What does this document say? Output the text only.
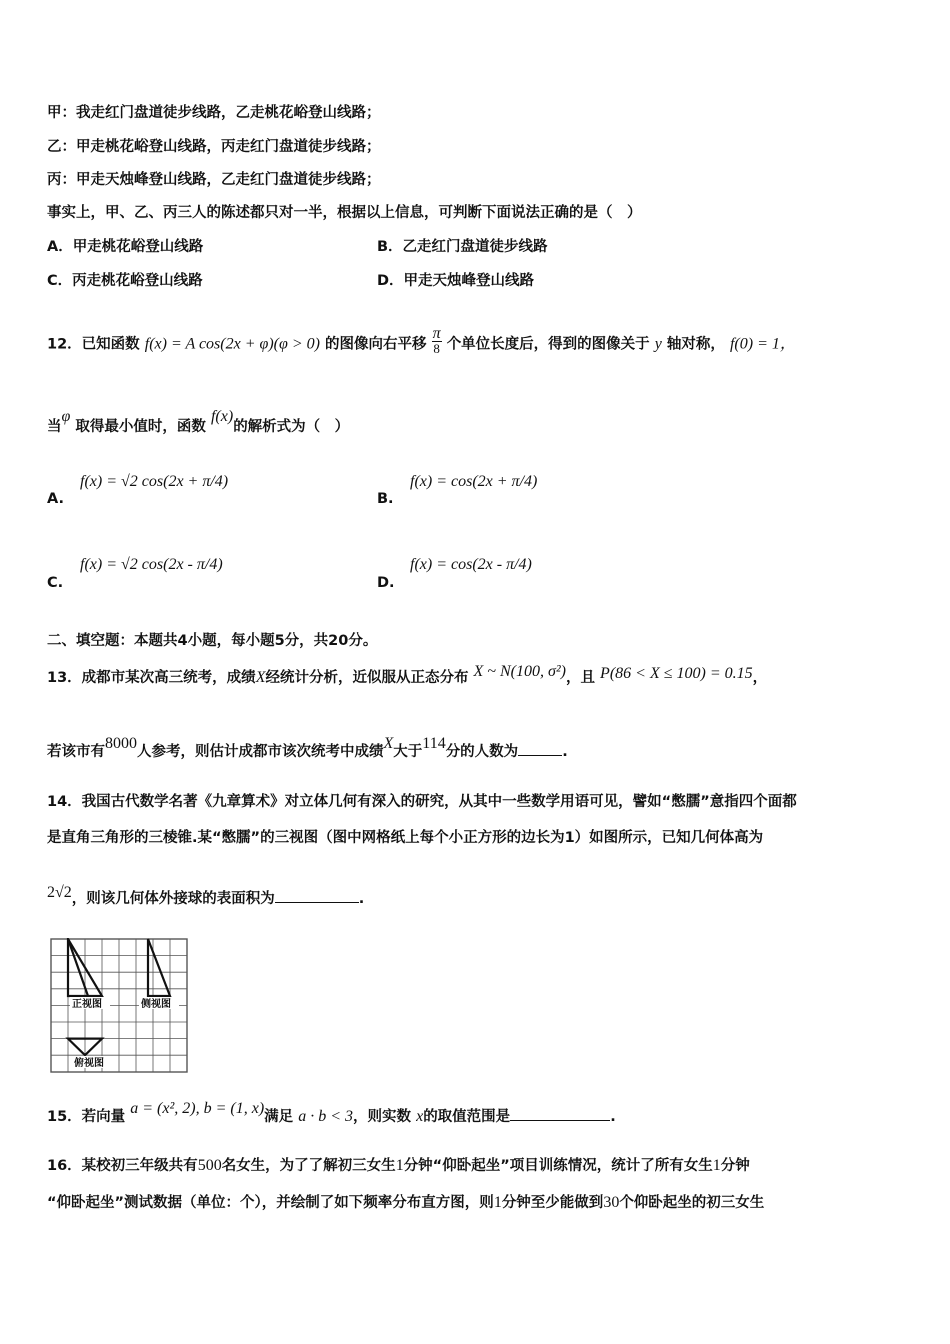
甲：我走红门盘道徒步线路，乙走桃花峪登山线路；
乙：甲走桃花峪登山线路，丙走红门盘道徒步线路；
丙：甲走天烛峰登山线路，乙走红门盘道徒步线路；
事实上，甲、乙、丙三人的陈述都只对一半，根据以上信息，可判断下面说法正确的是（　）
A．甲走桃花峪登山线路	B．乙走红门盘道徒步线路
C．丙走桃花峪登山线路	D．甲走天烛峰登山线路
12．已知函数 f(x) = A cos(2x + φ)(φ > 0) 的图像向右平移
π
8 个单位长度后，得到的图像关于 y 轴对称， f(0) = 1，
当φ 取得最小值时，函数 f(x)的解析式为（　）
A.
f(x) = √2 cos(2x + π/4)
B.
f(x) = cos(2x + π/4)
C.
f(x) = √2 cos(2x - π/4)
D.
f(x) = cos(2x - π/4)
二、填空题：本题共4小题，每小题5分，共20分。
13．成都市某次高三统考，成绩X经统计分析，近似服从正态分布 X ~ N(100, σ²)，且 P(86 < X ≤ 100) = 0.15，
若该市有8000人参考，则估计成都市该次统考中成绩X大于114分的人数为	.
14．我国古代数学名著《九章算术》对立体几何有深入的研究，从其中一些数学用语可见，譬如“憋臑”意指四个面都
是直角三角形的三棱锥.某“憋臑”的三视图（图中网格纸上每个小正方形的边长为1）如图所示，已知几何体高为
2√2，则该几何体外接球的表面积为	.
正视图	侧视图
俯视图
15．若向量 a = (x², 2), b = (1, x)满足 a · b < 3，则实数 x的取值范围是	.
16．某校初三年级共有500名女生，为了了解初三女生1分钟“仰卧起坐”项目训练情况，统计了所有女生1分钟
“仰卧起坐”测试数据（单位：个），并绘制了如下频率分布直方图，则1分钟至少能做到30个仰卧起坐的初三女生
